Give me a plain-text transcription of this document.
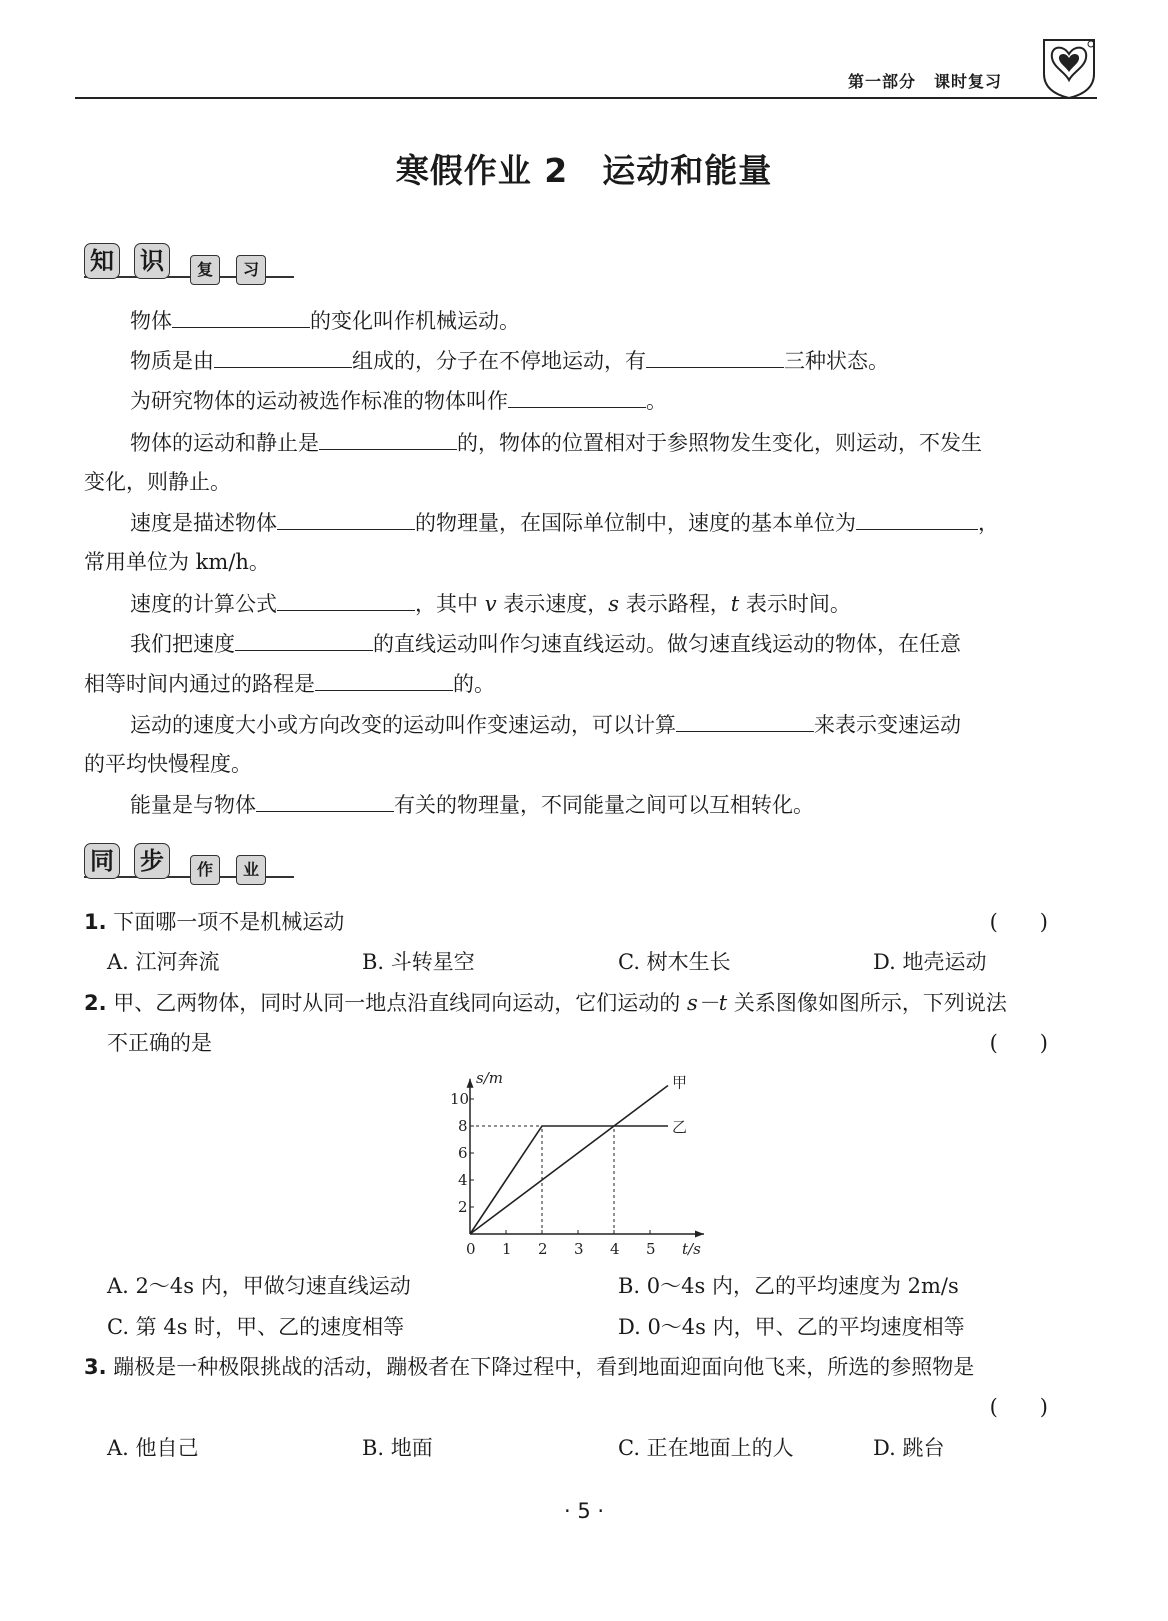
第一部分 课时复习
寒假作业 2 运动和能量
知 识	复	习
物体	的变化叫作机械运动。
物质是由	组成的，分子在不停地运动，有	三种状态。
为研究物体的运动被选作标准的物体叫作	。
物体的运动和静止是	的，物体的位置相对于参照物发生变化，则运动，不发生
变化，则静止。
速度是描述物体	的物理量，在国际单位制中，速度的基本单位为	，
常用单位为 km/h。
速度的计算公式	，其中 v 表示速度，s 表示路程，t 表示时间。
我们把速度	的直线运动叫作匀速直线运动。做匀速直线运动的物体，在任意
相等时间内通过的路程是	的。
运动的速度大小或方向改变的运动叫作变速运动，可以计算	来表示变速运动
的平均快慢程度。
能量是与物体	有关的物理量，不同能量之间可以互相转化。
同 步	作	业
1. 下面哪一项不是机械运动	(　　)
A. 江河奔流	B. 斗转星空	C. 树木生长	D. 地壳运动
2. 甲、乙两物体，同时从同一地点沿直线同向运动，它们运动的 s－t 关系图像如图所示，下列说法
不正确的是	(　　)
t/s
s/m
0 1 2 3 4 5
2
4
6
8
10
甲
乙
A. 2～4s 内，甲做匀速直线运动	B. 0～4s 内，乙的平均速度为 2m/s
C. 第 4s 时，甲、乙的速度相等	D. 0～4s 内，甲、乙的平均速度相等
3. 蹦极是一种极限挑战的活动，蹦极者在下降过程中，看到地面迎面向他飞来，所选的参照物是
(　　)
A. 他自己	B. 地面	C. 正在地面上的人	D. 跳台
· 5 ·
